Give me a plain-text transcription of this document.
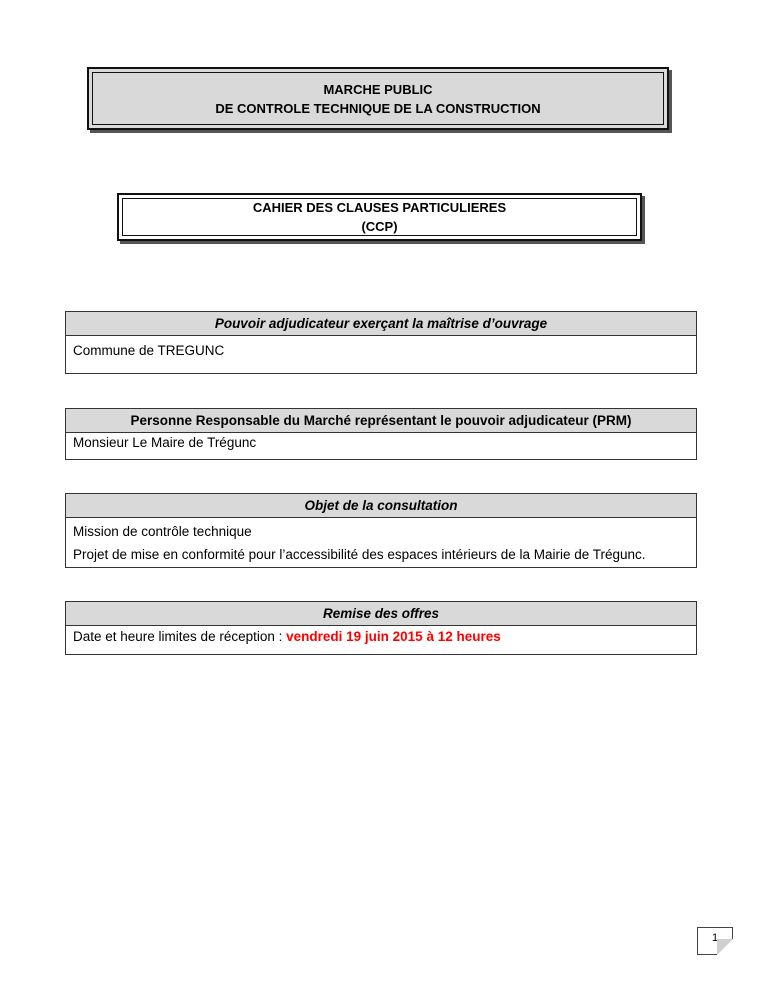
MARCHE PUBLIC
DE CONTROLE TECHNIQUE DE LA CONSTRUCTION
CAHIER DES CLAUSES PARTICULIERES
(CCP)
Pouvoir adjudicateur exerçant la maîtrise d’ouvrage
Commune de TREGUNC
Personne Responsable du Marché représentant le pouvoir adjudicateur (PRM)
Monsieur Le Maire de Trégunc
Objet de la consultation
Mission de contrôle technique
Projet de mise en conformité pour l’accessibilité des espaces intérieurs de la Mairie de Trégunc.
Remise des offres
Date et heure limites de réception : vendredi 19 juin 2015 à 12 heures
1
